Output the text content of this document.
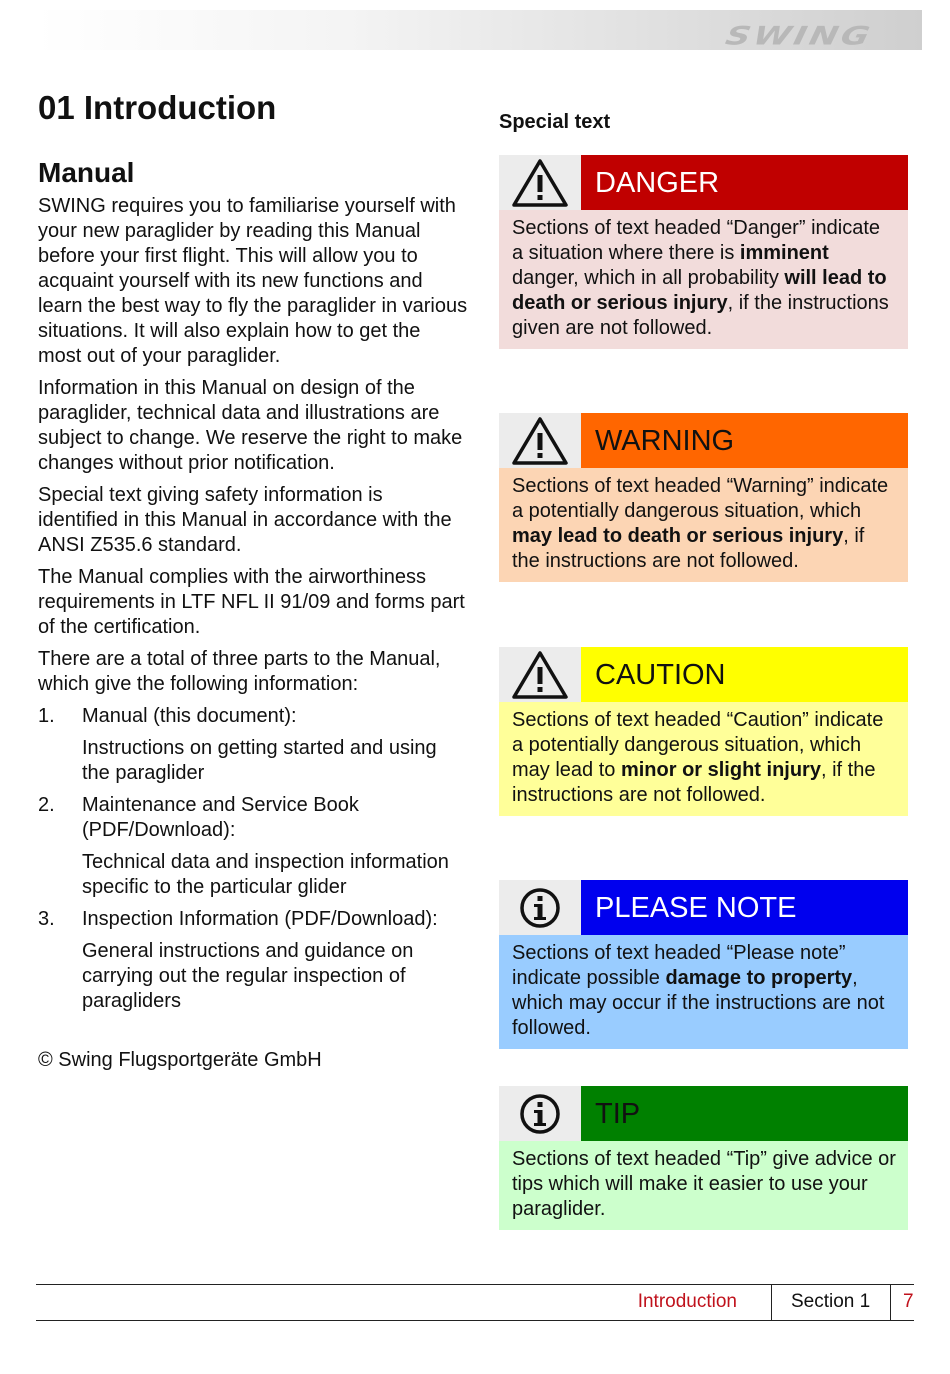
SWING
01 Introduction
Manual

SWING requires you to familiarise yourself with your new paraglider by reading this Manual before your first flight. This will allow you to acquaint yourself with its new functions and learn the best way to fly the paraglider in various situations. It will also explain how to get the most out of your paraglider.

Information in this Manual on design of the paraglider, technical data and illustrations are subject to change. We reserve the right to make changes without prior notification.

Special text giving safety information is identified in this Manual in accordance with the ANSI Z535.6 standard.

The Manual complies with the airworthiness requirements in LTF NFL II 91/09 and forms part of the certification.

There are a total of three parts to the Manual, which give the following information:

1. Manual (this document):
Instructions on getting started and using the paraglider
2. Maintenance and Service Book (PDF/Download):
Technical data and inspection information specific to the particular glider
3. Inspection Information (PDF/Download):
General instructions and guidance on carrying out the regular inspection of paragliders
© Swing Flugsportgeräte GmbH
Special text
DANGER
Sections of text headed “Danger” indicate a situation where there is imminent danger, which in all probability will lead to death or serious injury, if the instructions given are not followed.
WARNING
Sections of text headed “Warning” indicate a potentially dangerous situation, which may lead to death or serious injury, if the instructions are not followed.
CAUTION
Sections of text headed “Caution” indicate a potentially dangerous situation, which may lead to minor or slight injury, if the instructions are not followed.
PLEASE NOTE
Sections of text headed “Please note” indicate possible damage to property, which may occur if the instructions are not followed.
TIP
Sections of text headed “Tip” give advice or tips which will make it easier to use your paraglider.
Introduction	Section 1 7
